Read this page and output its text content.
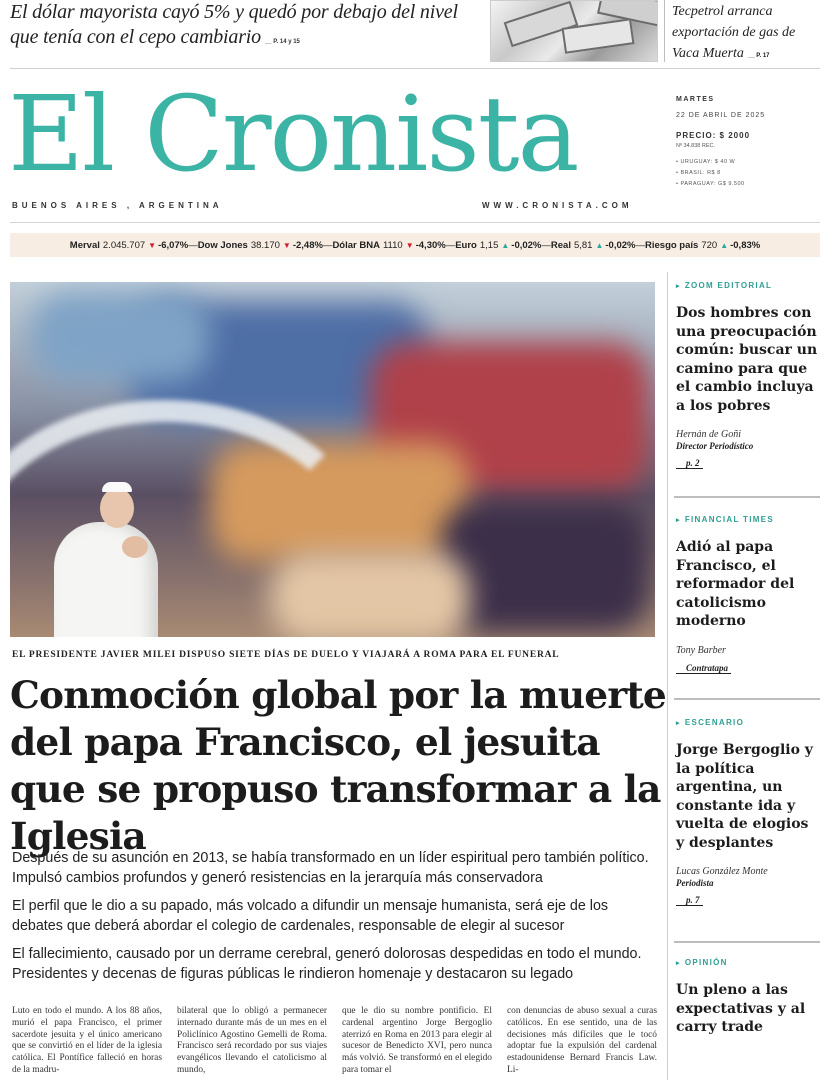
El dólar mayorista cayó 5% y quedó por debajo del nivel que tenía con el cepo cambiario __ P. 14 y 15
Tecpetrol arranca exportación de gas de Vaca Muerta __ P. 17
El Cronista
BUENOS AIRES , ARGENTINA	WWW.CRONISTA.COM
MARTES
22 DE ABRIL DE 2025
PRECIO: $ 2000
Nº 34.838 REC.
• URUGUAY: $ 40 W
• BRASIL: R$ 8
• PARAGUAY: G$ 9.500
Merval 2.045.707 ▼ -6,07% — Dow Jones 38.170 ▼ -2,48% — Dólar BNA 1110 ▼ -4,30% — Euro 1,15 ▲ -0,02% — Real 5,81 ▲ -0,02% — Riesgo país 720 ▲ -0,83%
EL PRESIDENTE JAVIER MILEI DISPUSO SIETE DÍAS DE DUELO Y VIAJARÁ A ROMA PARA EL FUNERAL
Conmoción global por la muerte del papa Francisco, el jesuita que se propuso transformar a la Iglesia

Después de su asunción en 2013, se había transformado en un líder espiritual pero también político. Impulsó cambios profundos y generó resistencias en la jerarquía más conservadora

El perfil que le dio a su papado, más volcado a difundir un mensaje humanista, será eje de los debates que deberá abordar el colegio de cardenales, responsable de elegir al sucesor

El fallecimiento, causado por un derrame cerebral, generó dolorosas despedidas en todo el mundo. Presidentes y decenas de figuras públicas le rindieron homenaje y destacaron su legado

Luto en todo el mundo. A los 88 años, murió el papa Francisco, el primer sacerdote jesuita y el único americano que se convirtió en el líder de la iglesia católica. El Pontífice falleció en horas de la madru-
bilateral que lo obligó a permanecer internado durante más de un mes en el Policlínico Agostino Gemelli de Roma. Francisco será recordado por sus viajes evangélicos llevando el catolicismo al mundo,
que le dio su nombre pontificio. El cardenal argentino Jorge Bergoglio aterrizó en Roma en 2013 para elegir al sucesor de Benedicto XVI, pero nunca más volvió. Se transformó en el elegido para tomar el
con denuncias de abuso sexual a curas católicos. En ese sentido, una de las decisiones más difíciles que le tocó adoptar fue la expulsión del cardenal estadounidense Bernard Francis Law. Li-
▸ ZOOM EDITORIAL
Dos hombres con una preocupación común: buscar un camino para que el cambio incluya a los pobres
Hernán de Goñi
Director Periodístico
p. 2
▸ FINANCIAL TIMES
Adió al papa Francisco, el reformador del catolicismo moderno
Tony Barber
Contratapa
▸ ESCENARIO
Jorge Bergoglio y la política argentina, un constante ida y vuelta de elogios y desplantes
Lucas González Monte
Periodista
p. 7
▸ OPINIÓN
Un pleno a las expectativas y al carry trade
